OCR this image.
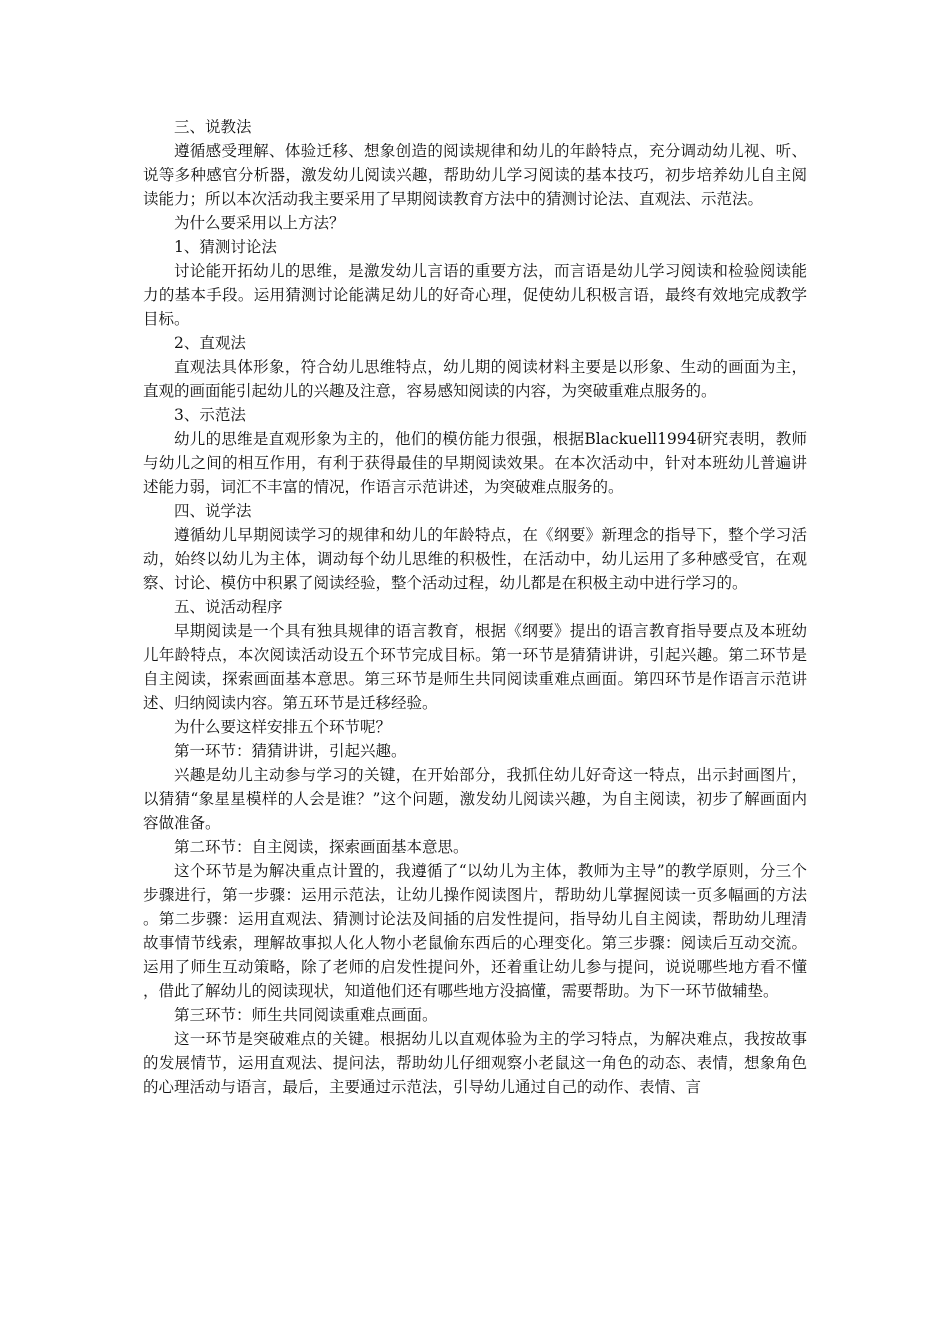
三、说教法

遵循感受理解、体验迁移、想象创造的阅读规律和幼儿的年龄特点，充分调动幼儿视、听、说等多种感官分析器，激发幼儿阅读兴趣，帮助幼儿学习阅读的基本技巧，初步培养幼儿自主阅读能力；所以本次活动我主要采用了早期阅读教育方法中的猜测讨论法、直观法、示范法。

为什么要采用以上方法？

1、猜测讨论法

讨论能开拓幼儿的思维，是激发幼儿言语的重要方法，而言语是幼儿学习阅读和检验阅读能力的基本手段。运用猜测讨论能满足幼儿的好奇心理，促使幼儿积极言语，最终有效地完成教学目标。

2、直观法

直观法具体形象，符合幼儿思维特点，幼儿期的阅读材料主要是以形象、生动的画面为主，直观的画面能引起幼儿的兴趣及注意，容易感知阅读的内容，为突破重难点服务的。

3、示范法

幼儿的思维是直观形象为主的，他们的模仿能力很强，根据Blackuell1994研究表明，教师与幼儿之间的相互作用，有利于获得最佳的早期阅读效果。在本次活动中，针对本班幼儿普遍讲述能力弱，词汇不丰富的情况，作语言示范讲述，为突破难点服务的。

四、说学法

遵循幼儿早期阅读学习的规律和幼儿的年龄特点，在《纲要》新理念的指导下，整个学习活动，始终以幼儿为主体，调动每个幼儿思维的积极性，在活动中，幼儿运用了多种感受官，在观察、讨论、模仿中积累了阅读经验，整个活动过程，幼儿都是在积极主动中进行学习的。

五、说活动程序

早期阅读是一个具有独具规律的语言教育，根据《纲要》提出的语言教育指导要点及本班幼儿年龄特点，本次阅读活动设五个环节完成目标。第一环节是猜猜讲讲，引起兴趣。第二环节是自主阅读，探索画面基本意思。第三环节是师生共同阅读重难点画面。第四环节是作语言示范讲述、归纳阅读内容。第五环节是迁移经验。

为什么要这样安排五个环节呢？

第一环节：猜猜讲讲，引起兴趣。

兴趣是幼儿主动参与学习的关键，在开始部分，我抓住幼儿好奇这一特点，出示封画图片，以猜猜“象星星模样的人会是谁？”这个问题，激发幼儿阅读兴趣，为自主阅读，初步了解画面内容做准备。

第二环节：自主阅读，探索画面基本意思。

这个环节是为解决重点计置的，我遵循了“以幼儿为主体，教师为主导”的教学原则，分三个步骤进行，第一步骤：运用示范法，让幼儿操作阅读图片，帮助幼儿掌握阅读一页多幅画的方法。第二步骤：运用直观法、猜测讨论法及间插的启发性提问，指导幼儿自主阅读，帮助幼儿理清故事情节线索，理解故事拟人化人物小老鼠偷东西后的心理变化。第三步骤：阅读后互动交流。运用了师生互动策略，除了老师的启发性提问外，还着重让幼儿参与提问，说说哪些地方看不懂，借此了解幼儿的阅读现状，知道他们还有哪些地方没搞懂，需要帮助。为下一环节做辅垫。

第三环节：师生共同阅读重难点画面。

这一环节是突破难点的关键。根据幼儿以直观体验为主的学习特点，为解决难点，我按故事的发展情节，运用直观法、提问法，帮助幼儿仔细观察小老鼠这一角色的动态、表情，想象角色的心理活动与语言，最后，主要通过示范法，引导幼儿通过自己的动作、表情、言
